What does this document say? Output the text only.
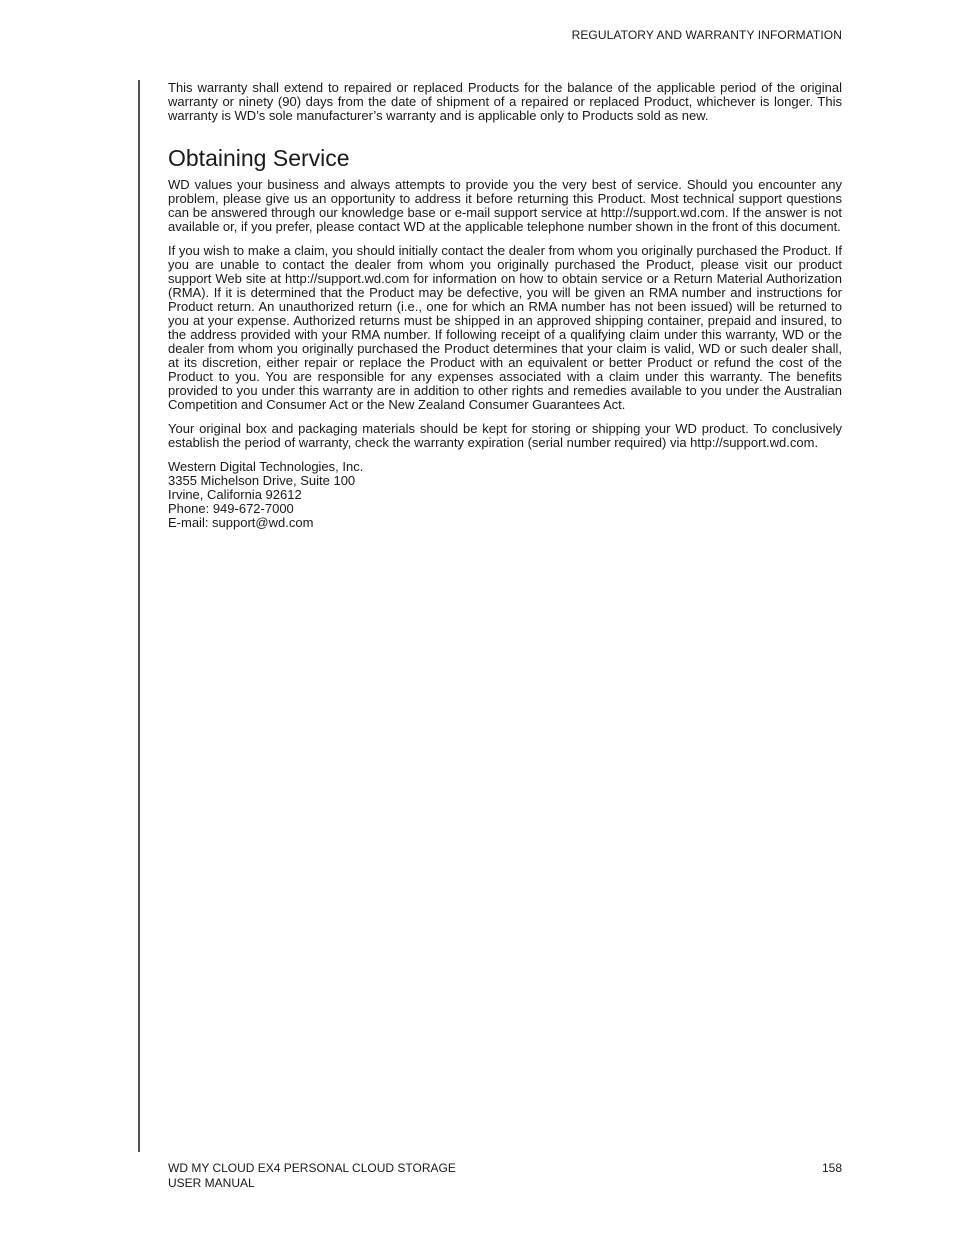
REGULATORY AND WARRANTY INFORMATION

This warranty shall extend to repaired or replaced Products for the balance of the applicable period of the original warranty or ninety (90) days from the date of shipment of a repaired or replaced Product, whichever is longer. This warranty is WD’s sole manufacturer’s warranty and is applicable only to Products sold as new.

Obtaining Service

WD values your business and always attempts to provide you the very best of service. Should you encounter any problem, please give us an opportunity to address it before returning this Product. Most technical support questions can be answered through our knowledge base or e-mail support service at http://support.wd.com. If the answer is not available or, if you prefer, please contact WD at the applicable telephone number shown in the front of this document.

If you wish to make a claim, you should initially contact the dealer from whom you originally purchased the Product. If you are unable to contact the dealer from whom you originally purchased the Product, please visit our product support Web site at http://support.wd.com for information on how to obtain service or a Return Material Authorization (RMA). If it is determined that the Product may be defective, you will be given an RMA number and instructions for Product return. An unauthorized return (i.e., one for which an RMA number has not been issued) will be returned to you at your expense. Authorized returns must be shipped in an approved shipping container, prepaid and insured, to the address provided with your RMA number. If following receipt of a qualifying claim under this warranty, WD or the dealer from whom you originally purchased the Product determines that your claim is valid, WD or such dealer shall, at its discretion, either repair or replace the Product with an equivalent or better Product or refund the cost of the Product to you. You are responsible for any expenses associated with a claim under this warranty. The benefits provided to you under this warranty are in addition to other rights and remedies available to you under the Australian Competition and Consumer Act or the New Zealand Consumer Guarantees Act.

Your original box and packaging materials should be kept for storing or shipping your WD product. To conclusively establish the period of warranty, check the warranty expiration (serial number required) via http://support.wd.com.

Western Digital Technologies, Inc.
3355 Michelson Drive, Suite 100
Irvine, California 92612
Phone: 949-672-7000
E-mail: support@wd.com
WD MY CLOUD EX4 PERSONAL CLOUD STORAGE
USER MANUAL
158
